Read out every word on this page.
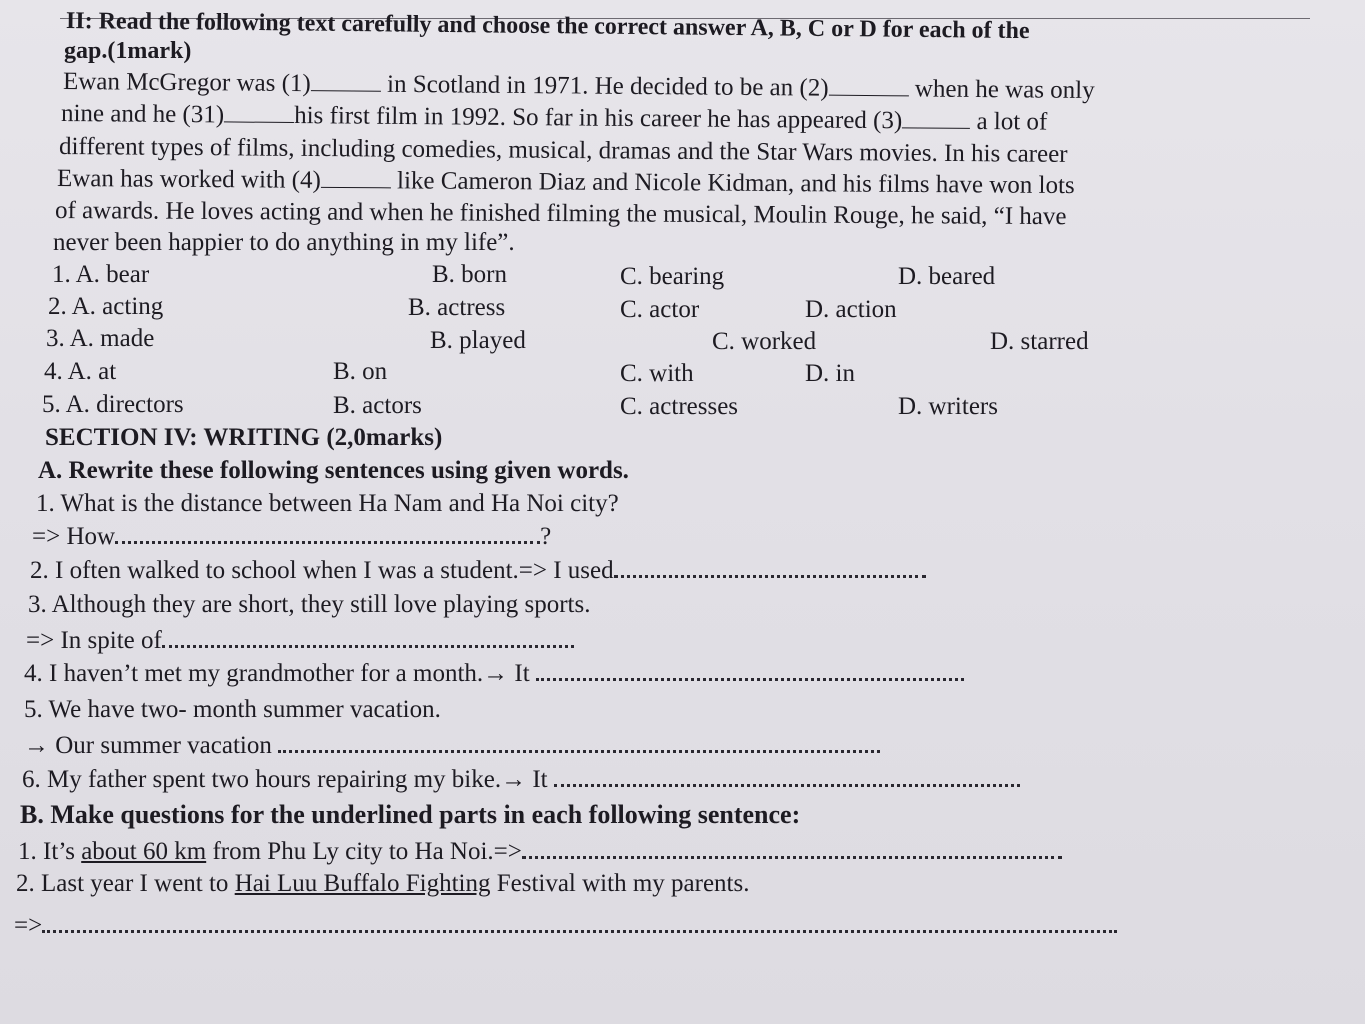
II: Read the following text carefully and choose the correct answer A, B, C or D for each of the
gap.(1mark)
Ewan McGregor was (1)	in Scotland in 1971. He decided to be an (2)	when he was only
nine and he (31)	his first film in 1992. So far in his career he has appeared (3)	a lot of
different types of films, including comedies, musical, dramas and the Star Wars movies. In his career
Ewan has worked with (4)	like Cameron Diaz and Nicole Kidman, and his films have won lots
of awards. He loves acting and when he finished filming the musical, Moulin Rouge, he said, “I have
never been happier to do anything in my life”.
1. A. bear	B. born	C. bearing	D. beared
2. A. acting	B. actress	C. actor	D. action
3. A. made	B. played	C. worked	D. starred
4. A. at	B. on	C. with	D. in
5. A. directors	B. actors	C. actresses	D. writers
SECTION IV: WRITING (2,0marks)
A. Rewrite these following sentences using given words.
1. What is the distance between Ha Nam and Ha Noi city?
=> How	?
2. I often walked to school when I was a student.=> I used
3. Although they are short, they still love playing sports.
=> In spite of
4. I haven’t met my grandmother for a month.→ It
5. We have two- month summer vacation.
→ Our summer vacation
6. My father spent two hours repairing my bike.→ It
B. Make questions for the underlined parts in each following sentence:
1. It’s about 60 km from Phu Ly city to Ha Noi.=>
2. Last year I went to Hai Luu Buffalo Fighting Festival with my parents.
=>
